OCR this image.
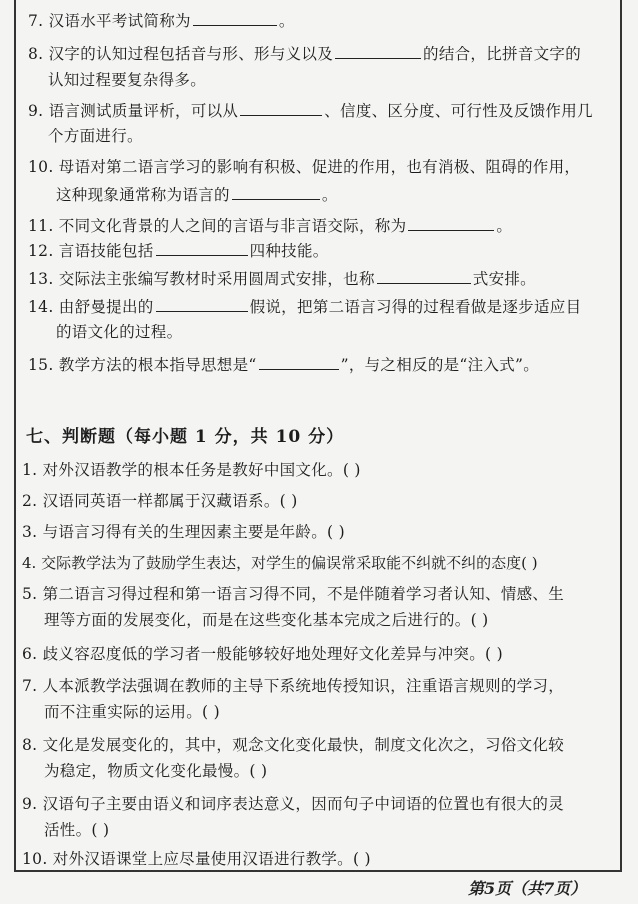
7. 汉语水平考试简称为	。
8. 汉字的认知过程包括音与形、形与义以及	的结合，比拼音文字的
认知过程要复杂得多。
9. 语言测试质量评析，可以从	、信度、区分度、可行性及反馈作用几
个方面进行。
10. 母语对第二语言学习的影响有积极、促进的作用，也有消极、阻碍的作用，
这种现象通常称为语言的	。
11. 不同文化背景的人之间的言语与非言语交际，称为	。
12. 言语技能包括	四种技能。
13. 交际法主张编写教材时采用圆周式安排，也称	式安排。
14. 由舒曼提出的	假说，把第二语言习得的过程看做是逐步适应目
的语文化的过程。
15. 教学方法的根本指导思想是“	”，与之相反的是“注入式”。
七、判断题（每小题 1 分，共 10 分）
1. 对外汉语教学的根本任务是教好中国文化。( )
2. 汉语同英语一样都属于汉藏语系。( )
3. 与语言习得有关的生理因素主要是年龄。( )
4. 交际教学法为了鼓励学生表达，对学生的偏误常采取能不纠就不纠的态度( )
5. 第二语言习得过程和第一语言习得不同，不是伴随着学习者认知、情感、生
理等方面的发展变化，而是在这些变化基本完成之后进行的。( )
6. 歧义容忍度低的学习者一般能够较好地处理好文化差异与冲突。( )
7. 人本派教学法强调在教师的主导下系统地传授知识，注重语言规则的学习，
而不注重实际的运用。( )
8. 文化是发展变化的，其中，观念文化变化最快，制度文化次之，习俗文化较
为稳定，物质文化变化最慢。( )
9. 汉语句子主要由语义和词序表达意义，因而句子中词语的位置也有很大的灵
活性。( )
10. 对外汉语课堂上应尽量使用汉语进行教学。( )
第5页（共7页）
